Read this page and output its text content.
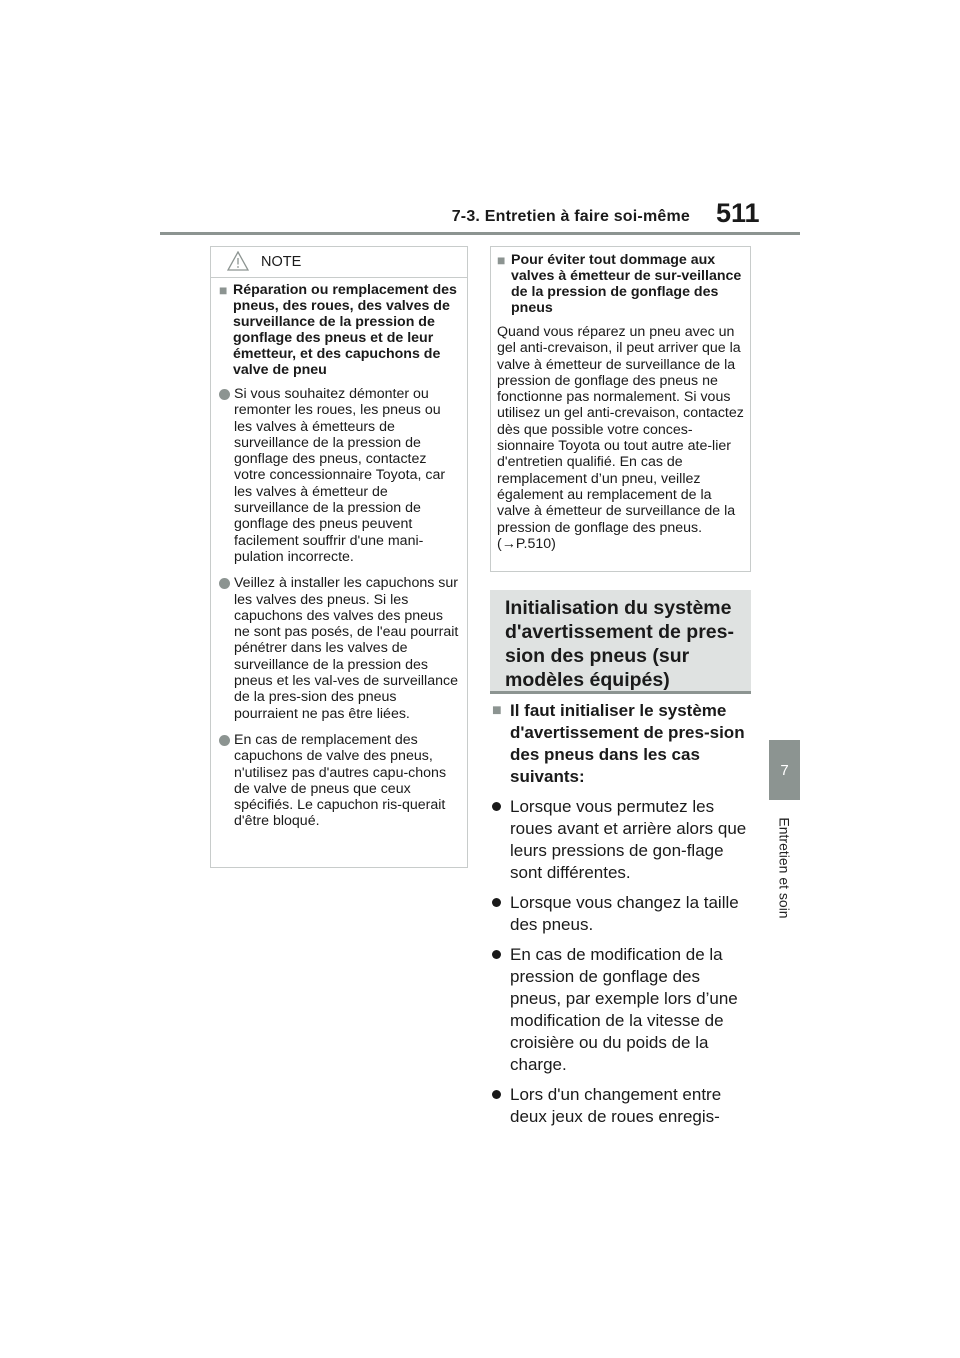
7-3. Entretien à faire soi-même 511
7
Entretien et soin
NOTE
■ Réparation ou remplacement des pneus, des roues, des valves de surveillance de la pression de gonflage des pneus et de leur émetteur, et des capuchons de valve de pneu
Si vous souhaitez démonter ou remonter les roues, les pneus ou les valves à émetteurs de surveillance de la pression de gonflage des pneus, contactez votre concessionnaire Toyota, car les valves à émetteur de surveillance de la pression de gonflage des pneus peuvent facilement souffrir d'une mani-pulation incorrecte.
Veillez à installer les capuchons sur les valves des pneus. Si les capuchons des valves des pneus ne sont pas posés, de l'eau pourrait pénétrer dans les valves de surveillance de la pression des pneus et les val-ves de surveillance de la pres-sion des pneus pourraient ne pas être liées.
En cas de remplacement des capuchons de valve des pneus, n'utilisez pas d'autres capu-chons de valve de pneus que ceux spécifiés. Le capuchon ris-querait d'être bloqué.
■ Pour éviter tout dommage aux valves à émetteur de sur-veillance de la pression de gonflage des pneus

Quand vous réparez un pneu avec un gel anti-crevaison, il peut arriver que la valve à émetteur de surveillance de la pression de gonflage des pneus ne fonctionne pas normalement. Si vous utilisez un gel anti-crevaison, contactez dès que possible votre conces-sionnaire Toyota ou tout autre ate-lier d'entretien qualifié. En cas de remplacement d’un pneu, veillez également au remplacement de la valve à émetteur de surveillance de la pression de gonflage des pneus. (→P.510)

Initialisation du système d'avertissement de pres-sion des pneus (sur modèles équipés)
■ Il faut initialiser le système d'avertissement de pres-sion des pneus dans les cas suivants:
Lorsque vous permutez les roues avant et arrière alors que leurs pressions de gon-flage sont différentes.
Lorsque vous changez la taille des pneus.
En cas de modification de la pression de gonflage des pneus, par exemple lors d’une modification de la vitesse de croisière ou du poids de la charge.
Lors d'un changement entre deux jeux de roues enregis-
